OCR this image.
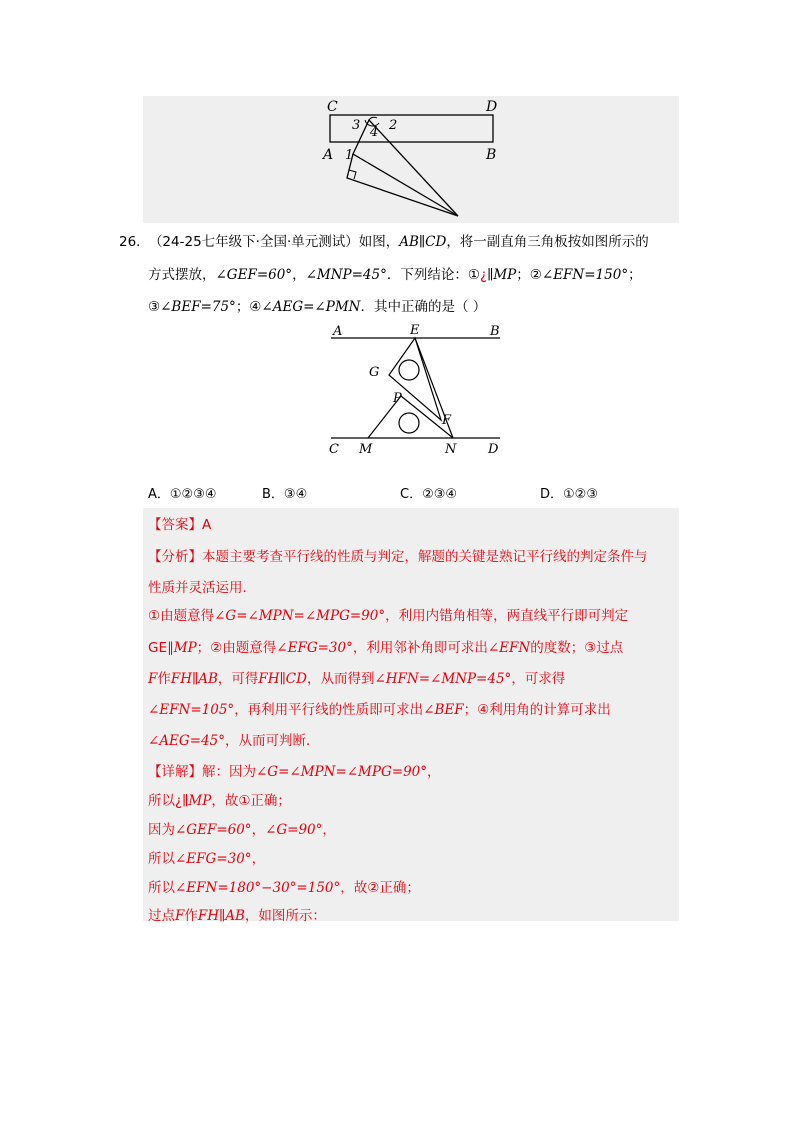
C	D
A	B
1
2
3 4
26． （24-25七年级下·全国·单元测试）如图，AB∥CD，将一副直角三角板按如图所示的
方式摆放，∠GEF=60°，∠MNP=45°．下列结论：①¿∥MP；②∠EFN=150°；
③∠BEF=75°；④∠AEG=∠PMN．其中正确的是（ ）
A	E	B
G
P
F
C M	N D
A．①②③④	B．③④	C．②③④	D．①②③
【答案】A
【分析】本题主要考查平行线的性质与判定，解题的关键是熟记平行线的判定条件与
性质并灵活运用．
①由题意得∠G=∠MPN=∠MPG=90°，利用内错角相等，两直线平行即可判定
GE∥MP；②由题意得∠EFG=30°，利用邻补角即可求出∠EFN的度数；③过点
F作FH∥AB，可得FH∥CD，从而得到∠HFN=∠MNP=45°，可求得
∠EFN=105°，再利用平行线的性质即可求出∠BEF；④利用角的计算可求出
∠AEG=45°，从而可判断．
【详解】解：因为∠G=∠MPN=∠MPG=90°，
所以¿∥MP，故①正确；
因为∠GEF=60°，∠G=90°，
所以∠EFG=30°，
所以∠EFN=180°−30°=150°，故②正确；
过点F作FH∥AB，如图所示：
